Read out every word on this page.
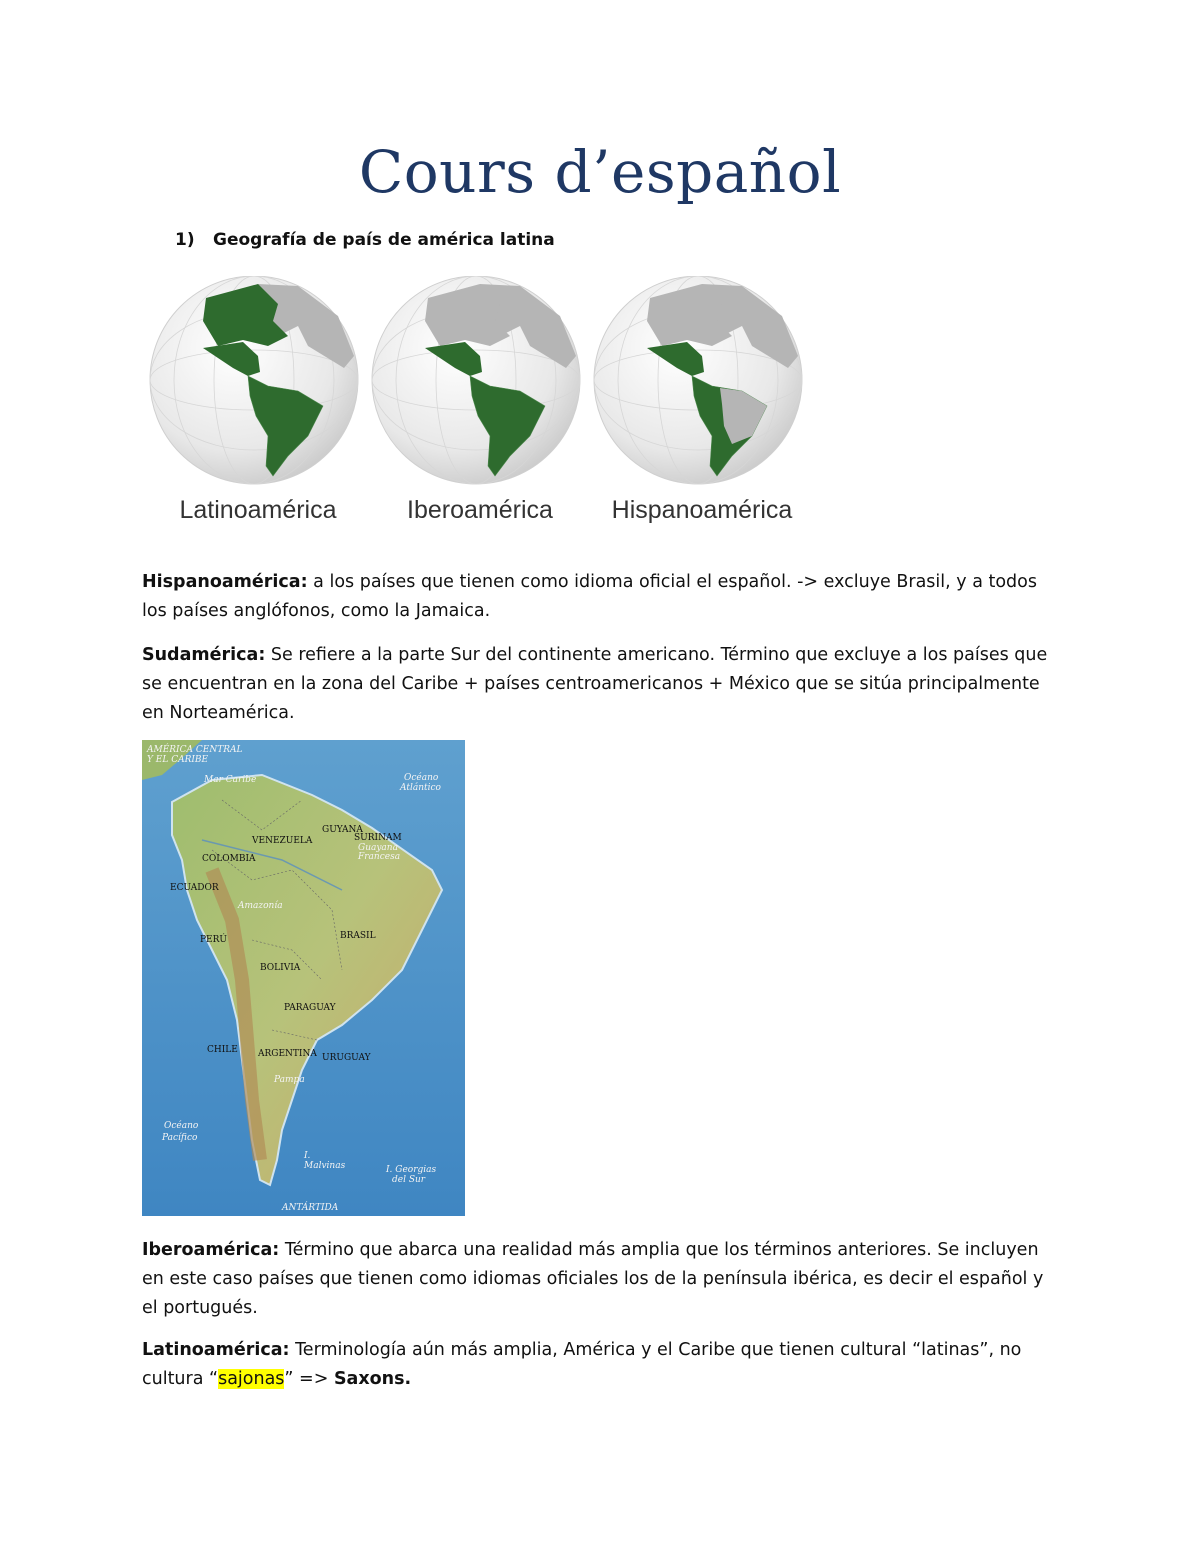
Cours d’español
1) Geografía de país de américa latina
Latinoamérica	Iberoamérica	Hispanoamérica
Hispanoamérica: a los países que tienen como idioma oficial el español. -> excluye Brasil, y a todos los países anglófonos, como la Jamaica.
Sudamérica: Se refiere a la parte Sur del continente americano. Término que excluye a los países que se encuentran en la zona del Caribe + países centroamericanos + México que se sitúa principalmente en Norteamérica.
AMÉRICA CENTRAL
Y EL CARIBE
Mar Caribe	Océano
Atlántico
GUYANA
SURINAM
Guayana
Francesa
VENEZUELA
COLOMBIA
ECUADOR
Amazonía
PERÚ	BRASIL
BOLIVIA
PARAGUAY
CHILE ARGENTINA URUGUAY
Pampa
Océano
Pacífico
I.
Malvinas	I. Georgias
del Sur
ANTÁRTIDA
Iberoamérica: Término que abarca una realidad más amplia que los términos anteriores. Se incluyen en este caso países que tienen como idiomas oficiales los de la península ibérica, es decir el español y el portugués.
Latinoamérica: Terminología aún más amplia, América y el Caribe que tienen cultural “latinas”, no cultura “sajonas” => Saxons.
